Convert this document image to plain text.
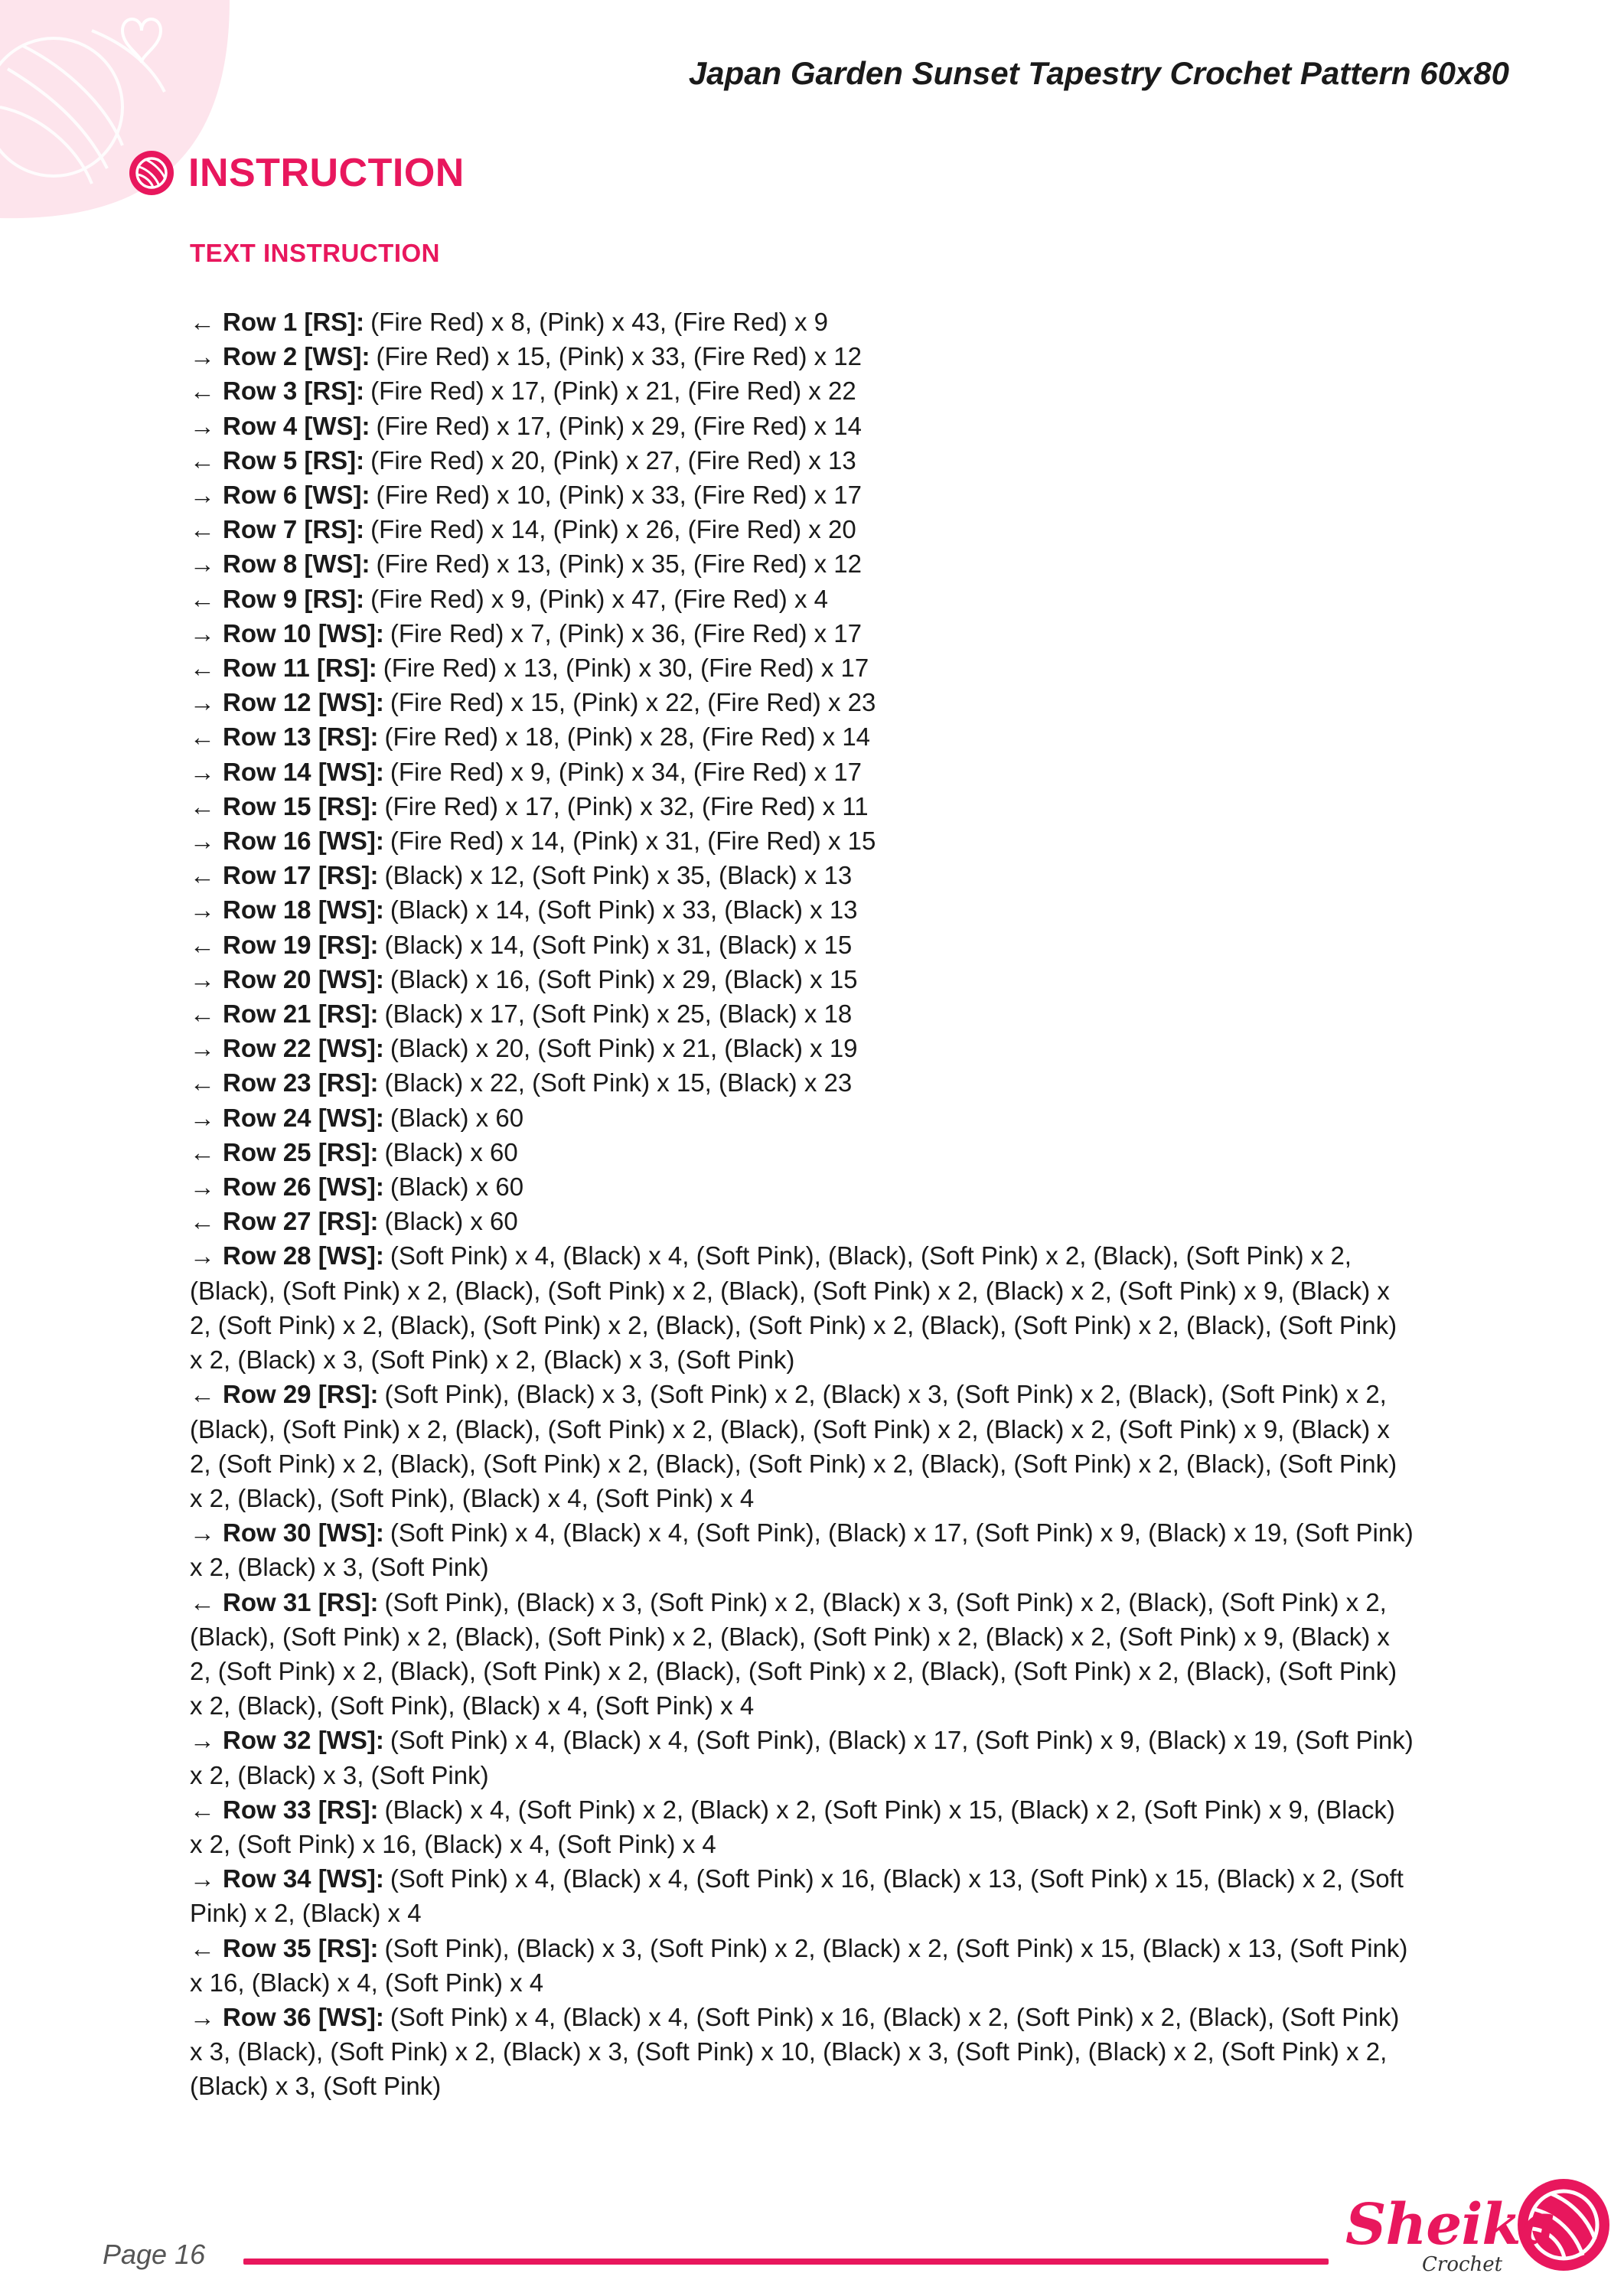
Japan Garden Sunset Tapestry Crochet Pattern 60x80
INSTRUCTION
TEXT INSTRUCTION

← Row 1 [RS]: (Fire Red) x 8, (Pink) x 43, (Fire Red) x 9

→ Row 2 [WS]: (Fire Red) x 15, (Pink) x 33, (Fire Red) x 12

← Row 3 [RS]: (Fire Red) x 17, (Pink) x 21, (Fire Red) x 22

→ Row 4 [WS]: (Fire Red) x 17, (Pink) x 29, (Fire Red) x 14

← Row 5 [RS]: (Fire Red) x 20, (Pink) x 27, (Fire Red) x 13

→ Row 6 [WS]: (Fire Red) x 10, (Pink) x 33, (Fire Red) x 17

← Row 7 [RS]: (Fire Red) x 14, (Pink) x 26, (Fire Red) x 20

→ Row 8 [WS]: (Fire Red) x 13, (Pink) x 35, (Fire Red) x 12

← Row 9 [RS]: (Fire Red) x 9, (Pink) x 47, (Fire Red) x 4

→ Row 10 [WS]: (Fire Red) x 7, (Pink) x 36, (Fire Red) x 17

← Row 11 [RS]: (Fire Red) x 13, (Pink) x 30, (Fire Red) x 17

→ Row 12 [WS]: (Fire Red) x 15, (Pink) x 22, (Fire Red) x 23

← Row 13 [RS]: (Fire Red) x 18, (Pink) x 28, (Fire Red) x 14

→ Row 14 [WS]: (Fire Red) x 9, (Pink) x 34, (Fire Red) x 17

← Row 15 [RS]: (Fire Red) x 17, (Pink) x 32, (Fire Red) x 11

→ Row 16 [WS]: (Fire Red) x 14, (Pink) x 31, (Fire Red) x 15

← Row 17 [RS]: (Black) x 12, (Soft Pink) x 35, (Black) x 13

→ Row 18 [WS]: (Black) x 14, (Soft Pink) x 33, (Black) x 13

← Row 19 [RS]: (Black) x 14, (Soft Pink) x 31, (Black) x 15

→ Row 20 [WS]: (Black) x 16, (Soft Pink) x 29, (Black) x 15

← Row 21 [RS]: (Black) x 17, (Soft Pink) x 25, (Black) x 18

→ Row 22 [WS]: (Black) x 20, (Soft Pink) x 21, (Black) x 19

← Row 23 [RS]: (Black) x 22, (Soft Pink) x 15, (Black) x 23

→ Row 24 [WS]: (Black) x 60

← Row 25 [RS]: (Black) x 60

→ Row 26 [WS]: (Black) x 60

← Row 27 [RS]: (Black) x 60

→ Row 28 [WS]: (Soft Pink) x 4, (Black) x 4, (Soft Pink), (Black), (Soft Pink) x 2, (Black), (Soft Pink) x 2, (Black), (Soft Pink) x 2, (Black), (Soft Pink) x 2, (Black), (Soft Pink) x 2, (Black) x 2, (Soft Pink) x 9, (Black) x 2, (Soft Pink) x 2, (Black), (Soft Pink) x 2, (Black), (Soft Pink) x 2, (Black), (Soft Pink) x 2, (Black), (Soft Pink) x 2, (Black) x 3, (Soft Pink) x 2, (Black) x 3, (Soft Pink)

← Row 29 [RS]: (Soft Pink), (Black) x 3, (Soft Pink) x 2, (Black) x 3, (Soft Pink) x 2, (Black), (Soft Pink) x 2, (Black), (Soft Pink) x 2, (Black), (Soft Pink) x 2, (Black), (Soft Pink) x 2, (Black) x 2, (Soft Pink) x 9, (Black) x 2, (Soft Pink) x 2, (Black), (Soft Pink) x 2, (Black), (Soft Pink) x 2, (Black), (Soft Pink) x 2, (Black), (Soft Pink) x 2, (Black), (Soft Pink), (Black) x 4, (Soft Pink) x 4

→ Row 30 [WS]: (Soft Pink) x 4, (Black) x 4, (Soft Pink), (Black) x 17, (Soft Pink) x 9, (Black) x 19, (Soft Pink) x 2, (Black) x 3, (Soft Pink)

← Row 31 [RS]: (Soft Pink), (Black) x 3, (Soft Pink) x 2, (Black) x 3, (Soft Pink) x 2, (Black), (Soft Pink) x 2, (Black), (Soft Pink) x 2, (Black), (Soft Pink) x 2, (Black), (Soft Pink) x 2, (Black) x 2, (Soft Pink) x 9, (Black) x 2, (Soft Pink) x 2, (Black), (Soft Pink) x 2, (Black), (Soft Pink) x 2, (Black), (Soft Pink) x 2, (Black), (Soft Pink) x 2, (Black), (Soft Pink), (Black) x 4, (Soft Pink) x 4

→ Row 32 [WS]: (Soft Pink) x 4, (Black) x 4, (Soft Pink), (Black) x 17, (Soft Pink) x 9, (Black) x 19, (Soft Pink) x 2, (Black) x 3, (Soft Pink)

← Row 33 [RS]: (Black) x 4, (Soft Pink) x 2, (Black) x 2, (Soft Pink) x 15, (Black) x 2, (Soft Pink) x 9, (Black) x 2, (Soft Pink) x 16, (Black) x 4, (Soft Pink) x 4

→ Row 34 [WS]: (Soft Pink) x 4, (Black) x 4, (Soft Pink) x 16, (Black) x 13, (Soft Pink) x 15, (Black) x 2, (Soft Pink) x 2, (Black) x 4

← Row 35 [RS]: (Soft Pink), (Black) x 3, (Soft Pink) x 2, (Black) x 2, (Soft Pink) x 15, (Black) x 13, (Soft Pink) x 16, (Black) x 4, (Soft Pink) x 4

→ Row 36 [WS]: (Soft Pink) x 4, (Black) x 4, (Soft Pink) x 16, (Black) x 2, (Soft Pink) x 2, (Black), (Soft Pink) x 3, (Black), (Soft Pink) x 2, (Black) x 3, (Soft Pink) x 10, (Black) x 3, (Soft Pink), (Black) x 2, (Soft Pink) x 2, (Black) x 3, (Soft Pink)

Page 16	Sheika
Crochet
